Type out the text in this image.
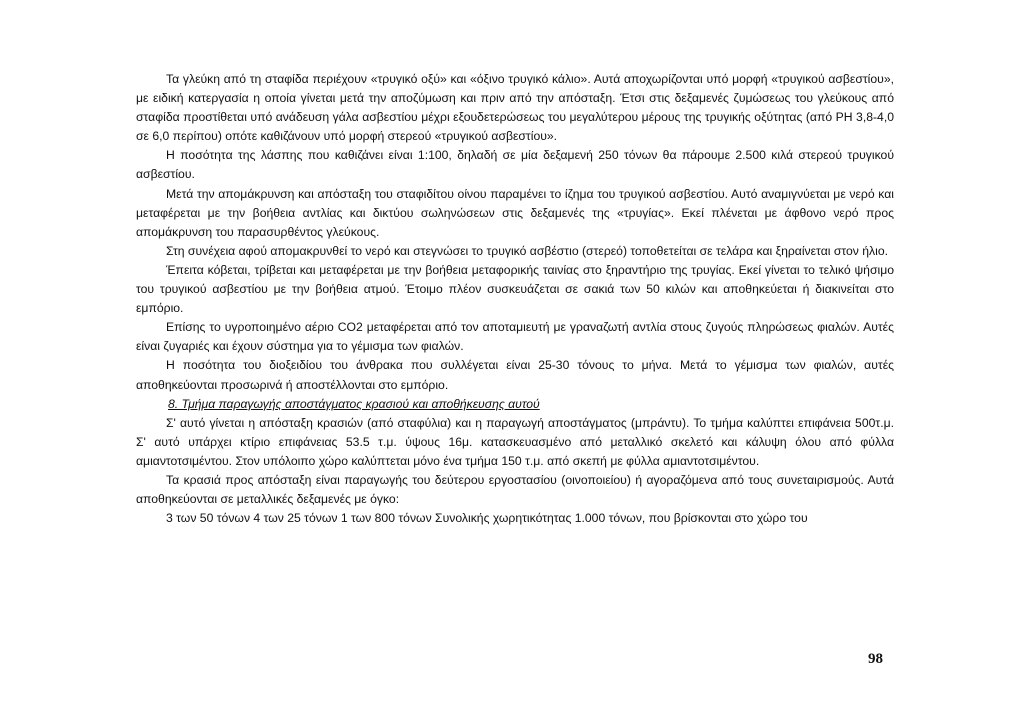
Τα γλεύκη από τη σταφίδα περιέχουν «τρυγικό οξύ» και «όξινο τρυγικό κάλιο». Αυτά αποχωρίζονται υπό μορφή «τρυγικού ασβεστίου», με ειδική κατεργασία η οποία γίνεται μετά την αποζύμωση και πριν από την απόσταξη. Έτσι στις δεξαμενές ζυμώσεως του γλεύκους από σταφίδα προστίθεται υπό ανάδευση γάλα ασβεστίου μέχρι εξουδετερώσεως του μεγαλύτερου μέρους της τρυγικής οξύτητας (από PH 3,8-4,0 σε 6,0 περίπου) οπότε καθιζάνουν υπό μορφή στερεού «τρυγικού ασβεστίου».

Η ποσότητα της λάσπης που καθιζάνει είναι 1:100, δηλαδή σε μία δεξαμενή 250 τόνων θα πάρουμε 2.500 κιλά στερεού τρυγικού ασβεστίου.

Μετά την απομάκρυνση και απόσταξη του σταφιδίτου οίνου παραμένει το ίζημα του τρυγικού ασβεστίου. Αυτό αναμιγνύεται με νερό και μεταφέρεται με την βοήθεια αντλίας και δικτύου σωληνώσεων στις δεξαμενές της «τρυγίας». Εκεί πλένεται με άφθονο νερό προς απομάκρυνση του παρασυρθέντος γλεύκους.

Στη συνέχεια αφού απομακρυνθεί το νερό και στεγνώσει το τρυγικό ασβέστιο (στερεό) τοποθετείται σε τελάρα και ξηραίνεται στον ήλιο.

Έπειτα κόβεται, τρίβεται και μεταφέρεται με την βοήθεια μεταφορικής ταινίας στο ξηραντήριο της τρυγίας. Εκεί γίνεται το τελικό ψήσιμο του τρυγικού ασβεστίου με την βοήθεια ατμού. Έτοιμο πλέον συσκευάζεται σε σακιά των 50 κιλών και αποθηκεύεται ή διακινείται στο εμπόριο.

Επίσης το υγροποιημένο αέριο CO2 μεταφέρεται από τον αποταμιευτή με γραναζωτή αντλία στους ζυγούς πληρώσεως φιαλών. Αυτές είναι ζυγαριές και έχουν σύστημα για το γέμισμα των φιαλών.

Η ποσότητα του διοξειδίου του άνθρακα που συλλέγεται είναι 25-30 τόνους το μήνα. Μετά το γέμισμα των φιαλών, αυτές αποθηκεύονται προσωρινά ή αποστέλλονται στο εμπόριο.

8. Τμήμα παραγωγής αποστάγματος κρασιού και αποθήκευσης αυτού

Σ' αυτό γίνεται η απόσταξη κρασιών (από σταφύλια) και η παραγωγή αποστάγματος (μπράντυ). Το τμήμα καλύπτει επιφάνεια 500τ.μ. Σ' αυτό υπάρχει κτίριο επιφάνειας 53.5 τ.μ. ύψους 16μ. κατασκευασμένο από μεταλλικό σκελετό και κάλυψη όλου από φύλλα αμιαντοτσιμέντου. Στον υπόλοιπο χώρο καλύπτεται μόνο ένα τμήμα 150 τ.μ. από σκεπή με φύλλα αμιαντοτσιμέντου.

Τα κρασιά προς απόσταξη είναι παραγωγής του δεύτερου εργοστασίου (οινοποιείου) ή αγοραζόμενα από τους συνεταιρισμούς. Αυτά αποθηκεύονται σε μεταλλικές δεξαμενές με όγκο:

3 των 50 τόνων 4 των 25 τόνων 1 των 800 τόνων Συνολικής χωρητικότητας 1.000 τόνων, που βρίσκονται στο χώρο του

98
